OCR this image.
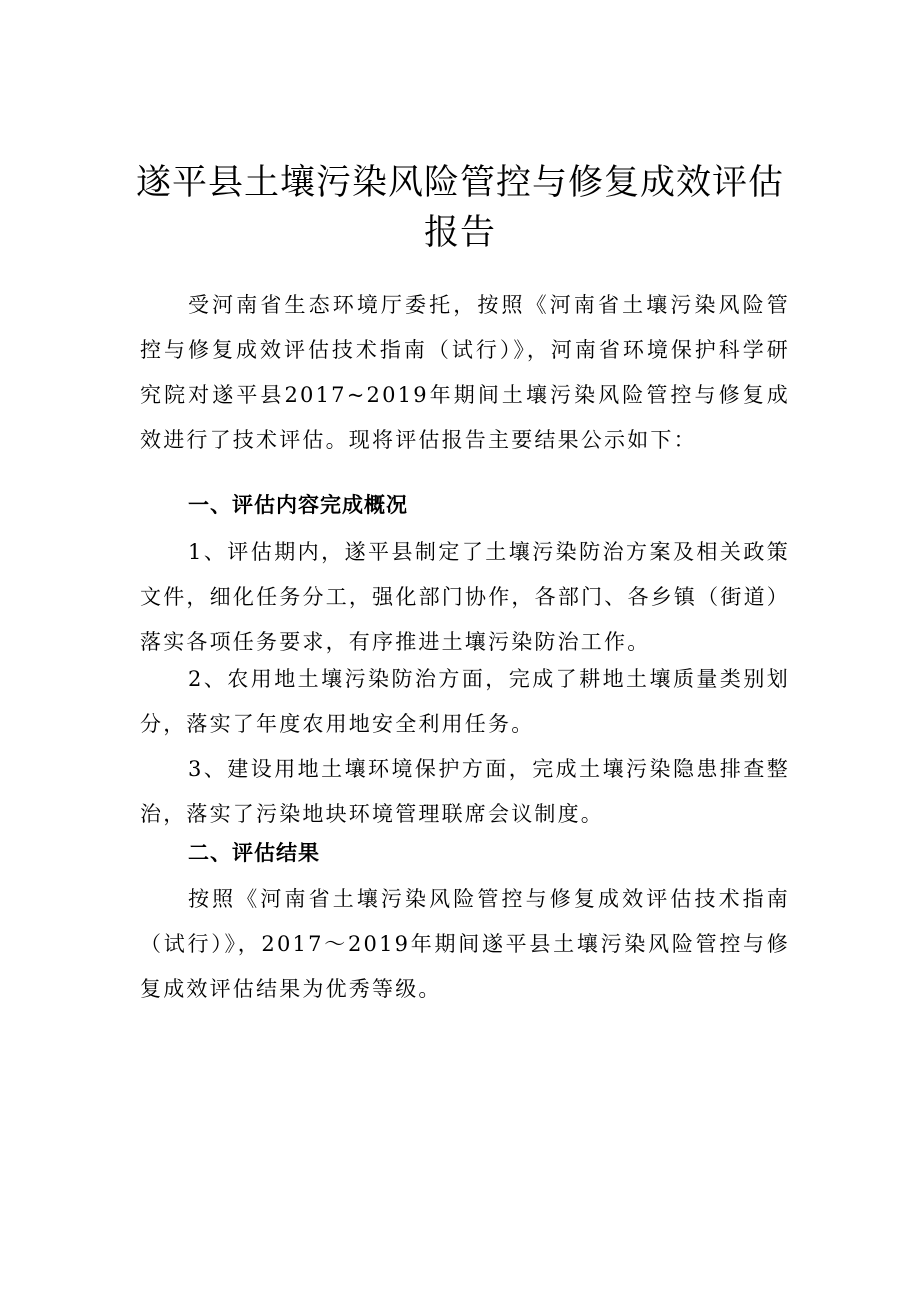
遂平县土壤污染风险管控与修复成效评估报告

受河南省生态环境厅委托，按照《河南省土壤污染风险管控与修复成效评估技术指南（试行）》，河南省环境保护科学研究院对遂平县2017~2019年期间土壤污染风险管控与修复成效进行了技术评估。现将评估报告主要结果公示如下：

一、评估内容完成概况

1、评估期内，遂平县制定了土壤污染防治方案及相关政策文件，细化任务分工，强化部门协作，各部门、各乡镇（街道）落实各项任务要求，有序推进土壤污染防治工作。

2、农用地土壤污染防治方面，完成了耕地土壤质量类别划分，落实了年度农用地安全利用任务。

3、建设用地土壤环境保护方面，完成土壤污染隐患排查整治，落实了污染地块环境管理联席会议制度。

二、评估结果

按照《河南省土壤污染风险管控与修复成效评估技术指南（试行）》，2017～2019年期间遂平县土壤污染风险管控与修复成效评估结果为优秀等级。
